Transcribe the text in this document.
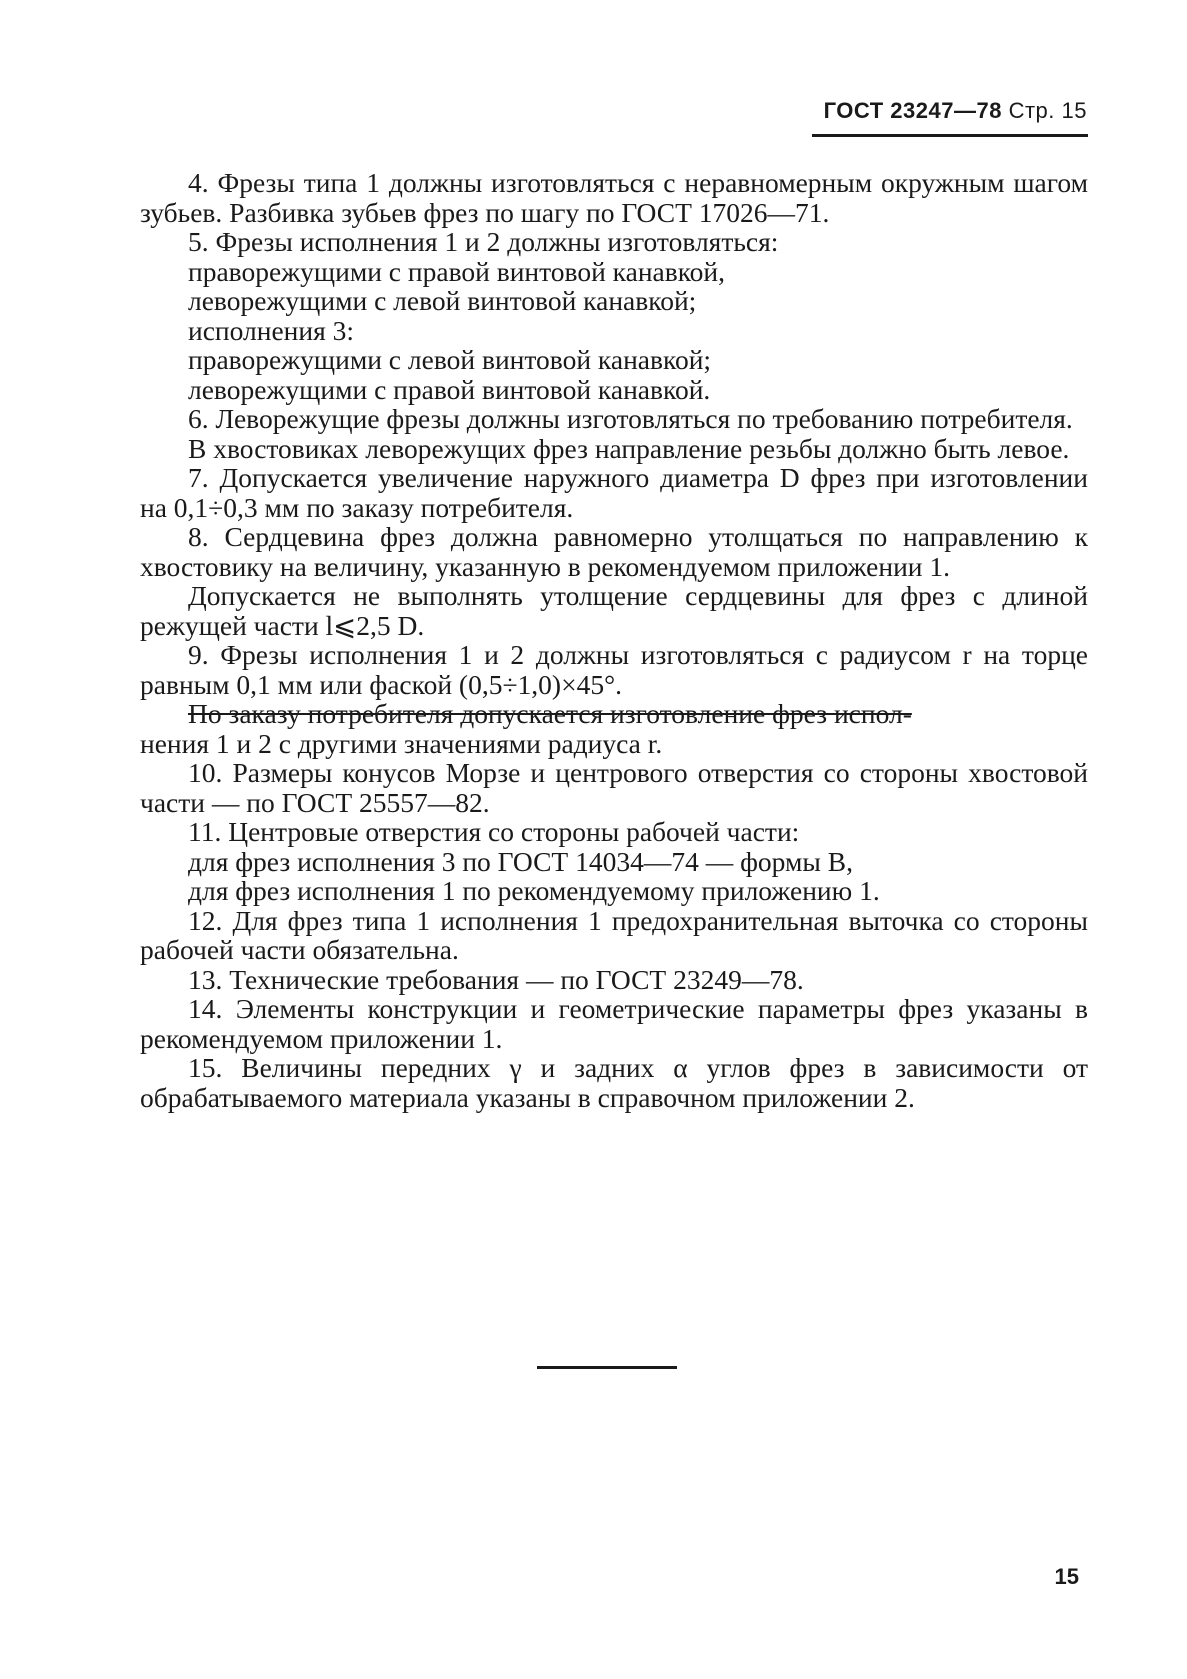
ГОСТ 23247—78 Стр. 15

4. Фрезы типа 1 должны изготовляться с неравномерным окружным шагом зубьев. Разбивка зубьев фрез по шагу по ГОСТ 17026—71.

5. Фрезы исполнения 1 и 2 должны изготовляться:

праворежущими с правой винтовой канавкой,

леворежущими с левой винтовой канавкой;

исполнения 3:

праворежущими с левой винтовой канавкой;

леворежущими с правой винтовой канавкой.

6. Леворежущие фрезы должны изготовляться по требованию потребителя.

В хвостовиках леворежущих фрез направление резьбы должно быть левое.

7. Допускается увеличение наружного диаметра D фрез при изготовлении на 0,1÷0,3 мм по заказу потребителя.

8. Сердцевина фрез должна равномерно утолщаться по направлению к хвостовику на величину, указанную в рекомендуемом приложении 1.

Допускается не выполнять утолщение сердцевины для фрез с длиной режущей части l⩽2,5 D.

9. Фрезы исполнения 1 и 2 должны изготовляться с радиусом r на торце равным 0,1 мм или фаской (0,5÷1,0)×45°.

По заказу потребителя допускается изготовление фрез испол-
нения 1 и 2 с другими значениями радиуса r.

10. Размеры конусов Морзе и центрового отверстия со стороны хвостовой части — по ГОСТ 25557—82.

11. Центровые отверстия со стороны рабочей части:

для фрез исполнения 3 по ГОСТ 14034—74 — формы В,

для фрез исполнения 1 по рекомендуемому приложению 1.

12. Для фрез типа 1 исполнения 1 предохранительная выточка со стороны рабочей части обязательна.

13. Технические требования — по ГОСТ 23249—78.

14. Элементы конструкции и геометрические параметры фрез указаны в рекомендуемом приложении 1.

15. Величины передних γ и задних α углов фрез в зависимости от обрабатываемого материала указаны в справочном приложении 2.

15
